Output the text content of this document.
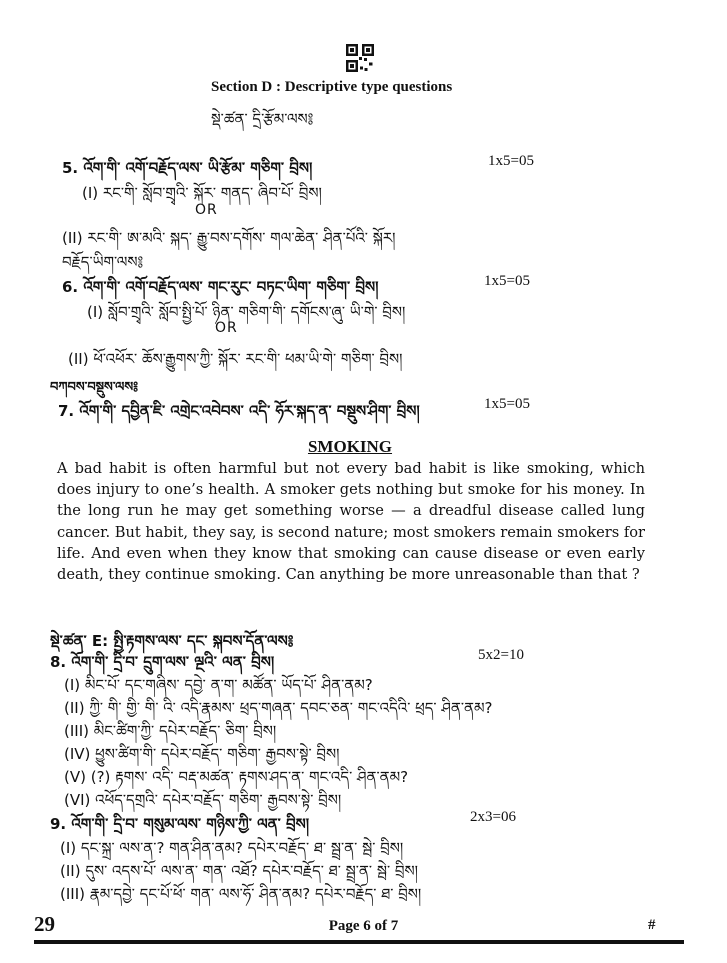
Section D : Descriptive type questions
སྡེ་ཚན་ དྲི་རྩོམ་ལས༔
5. འོག་གི་ འགོ་བརྗོད་ལས་ ཡི་རྩོམ་ གཅིག་ བྲིས།	1x5=05
(I) རང་གི་ སློབ་གྲྭའི་ སྐོར་ གནད་ ཞིབ་པོ་ བྲིས།
OR
(II) རང་གི་ ཨ་མའི་ སྐད་ རྒྱུ་བས་དགོས་ གལ་ཆེན་ ཤིན་པོའི་ སྐོར།
བརྗོད་ཡིག་ལས༔
6. འོག་གི་ འགོ་བརྗོད་ལས་ གང་རུང་ བཏང་ཡིག་ གཅིག་ བྲིས།	1x5=05
(I) སློབ་གྲྭའི་ སློབ་སྤྱི་པོ་ ཉིན་ གཅིག་གི་ དགོངས་ཞུ་ ཡི་གེ་ བྲིས།
OR
(II) ཕོ་འཕོར་ ཆོས་རྒྱུགས་ཀྱི་ སྐོར་ རང་གི་ ཕམ་ཡི་གེ་ གཅིག་ བྲིས།
བཀབས་བསྡུས་ལས༔
7. འོག་གི་ དབྱིན་ཇི་ འགྲེང་འབེབས་ འདི་ ཧོར་སྐད་ན་ བསྡུས་ཤིག་ བྲིས།	1x5=05
SMOKING
A bad habit is often harmful but not every bad habit is like smoking, which does injury to one’s health. A smoker gets nothing but smoke for his money. In the long run he may get something worse — a dreadful disease called lung cancer. But habit, they say, is second nature; most smokers remain smokers for life. And even when they know that smoking can cause disease or even early death, they continue smoking. Can anything be more unreasonable than that ?
སྡེ་ཚན་ E: སྤྱི་རྟགས་ལས་ དང་ སྐབས་དོན་ལས༔
8. འོག་གི་ དྲི་བ་ དྲུག་ལས་ ལྔའི་ ལན་ བྲིས།	5x2=10
(I) མིང་པོ་ དང་གཞིས་ དབྱེ་ ན་ག་ མཚོན་ ཡོད་པོ་ ཤིན་ནམ?
(II) ཀྱི་ གི་ གྱི་ གི་ འི་ འདི་རྣམས་ ཕྲད་གཞན་ དབང་ཅན་ གང་འདིའི་ ཕྲད་ ཤིན་ནམ?
(III) མིང་ཚིག་ཀྱི་ དཔེར་བརྗོད་ ཅིག་ བྲིས།
(IV) ཕྱུས་ཚིག་གི་ དཔེར་བརྗོད་ གཅིག་ རྒྱབས་སྟེ་ བྲིས།
(V) (?) རྟགས་ འདི་ བརྡ་མཚན་ རྟགས་ཤད་ན་ གང་འདི་ ཤིན་ནམ?
(VI) འཕོད་དགྲའི་ དཔེར་བརྗོད་ གཅིག་ རྒྱབས་སྟེ་ བྲིས།
9. འོག་གི་ དྲི་བ་ གསུམ་ལས་ གཉིས་ཀྱི་ ལན་ བྲིས།	2x3=06
(I) དང་སྐྲ་ ལས་ན་? གན་ཤིན་ནམ? དཔེར་བརྗོད་ ཐ་ སྦྲ་ན་ སྦེ་ བྲིས།
(II) དུས་ འདས་པོ་ ལས་ན་ གན་ འཐོ? དཔེར་བརྗོད་ ཐ་ སྦྲ་ན་ སྦེ་ བྲིས།
(III) རྣམ་དབྱེ་ དང་པོ་ཕོ་ གན་ ལས་ཧོ་ ཤིན་ནམ? དཔེར་བརྗོད་ ཐ་ བྲིས།
29	Page 6 of 7	#
